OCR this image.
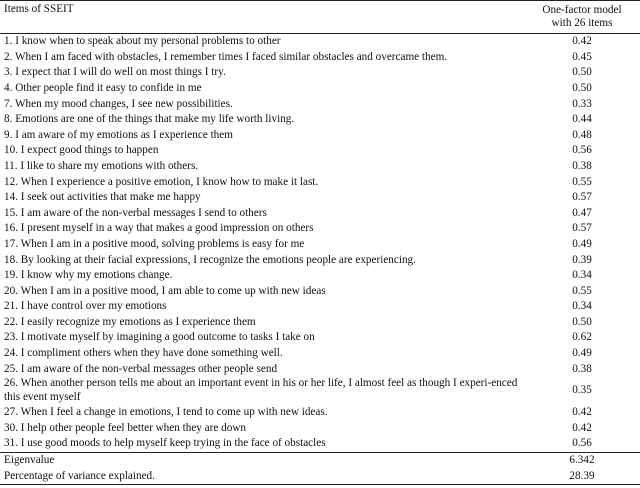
Items of SSEIT	One-factor model
with 26 items
1. I know when to speak about my personal problems to other	0.42
2. When I am faced with obstacles, I remember times I faced similar obstacles and overcame them.	0.45
3. I expect that I will do well on most things I try.	0.50
4. Other people find it easy to confide in me	0.50
7. When my mood changes, I see new possibilities.	0.33
8. Emotions are one of the things that make my life worth living.	0.44
9. I am aware of my emotions as I experience them	0.48
10. I expect good things to happen	0.56
11. I like to share my emotions with others.	0.38
12. When I experience a positive emotion, I know how to make it last.	0.55
14. I seek out activities that make me happy	0.57
15. I am aware of the non-verbal messages I send to others	0.47
16. I present myself in a way that makes a good impression on others	0.57
17. When I am in a positive mood, solving problems is easy for me	0.49
18. By looking at their facial expressions, I recognize the emotions people are experiencing.	0.39
19. I know why my emotions change.	0.34
20. When I am in a positive mood, I am able to come up with new ideas	0.55
21. I have control over my emotions	0.34
22. I easily recognize my emotions as I experience them	0.50
23. I motivate myself by imagining a good outcome to tasks I take on	0.62
24. I compliment others when they have done something well.	0.49
25. I am aware of the non-verbal messages other people send	0.38
26. When another person tells me about an important event in his or her life, I almost feel as though I experi-enced this event myself	0.35
27. When I feel a change in emotions, I tend to come up with new ideas.	0.42
30. I help other people feel better when they are down	0.42
31. I use good moods to help myself keep trying in the face of obstacles	0.56
Eigenvalue	6.342
Percentage of variance explained.	28.39
